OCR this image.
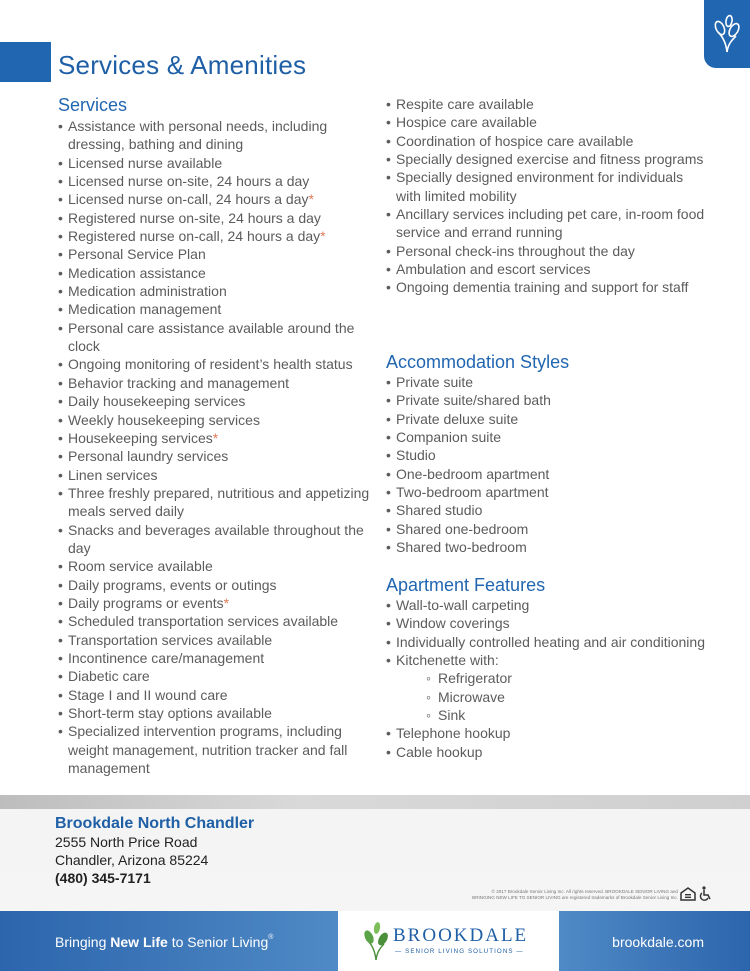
Services & Amenities
Services
• Assistance with personal needs, including dressing, bathing and dining
• Licensed nurse available
• Licensed nurse on-site, 24 hours a day
• Licensed nurse on-call, 24 hours a day*
• Registered nurse on-site, 24 hours a day
• Registered nurse on-call, 24 hours a day*
• Personal Service Plan
• Medication assistance
• Medication administration
• Medication management
• Personal care assistance available around the clock
• Ongoing monitoring of resident’s health status
• Behavior tracking and management
• Daily housekeeping services
• Weekly housekeeping services
• Housekeeping services*
• Personal laundry services
• Linen services
• Three freshly prepared, nutritious and appetizing meals served daily
• Snacks and beverages available throughout the day
• Room service available
• Daily programs, events or outings
• Daily programs or events*
• Scheduled transportation services available
• Transportation services available
• Incontinence care/management
• Diabetic care
• Stage I and II wound care
• Short-term stay options available
• Specialized intervention programs, including weight management, nutrition tracker and fall management
• Respite care available
• Hospice care available
• Coordination of hospice care available
• Specially designed exercise and fitness programs
• Specially designed environment for individuals with limited mobility
• Ancillary services including pet care, in-room food service and errand running
• Personal check-ins throughout the day
• Ambulation and escort services
• Ongoing dementia training and support for staff
Accommodation Styles
• Private suite
• Private suite/shared bath
• Private deluxe suite
• Companion suite
• Studio
• One-bedroom apartment
• Two-bedroom apartment
• Shared studio
• Shared one-bedroom
• Shared two-bedroom
Apartment Features
• Wall-to-wall carpeting
• Window coverings
• Individually controlled heating and air conditioning
• Kitchenette with:
◦ Refrigerator
◦ Microwave
◦ Sink
• Telephone hookup
• Cable hookup
Brookdale North Chandler
2555 North Price Road
Chandler, Arizona 85224
(480) 345-7171
© 2017 Brookdale Senior Living Inc. All rights reserved. BROOKDALE SENIOR LIVING and
BRINGING NEW LIFE TO SENIOR LIVING are registered trademarks of Brookdale Senior Living Inc.
Bringing New Life to Senior Living®	BROOKDALE
— SENIOR LIVING SOLUTIONS —
brookdale.com
